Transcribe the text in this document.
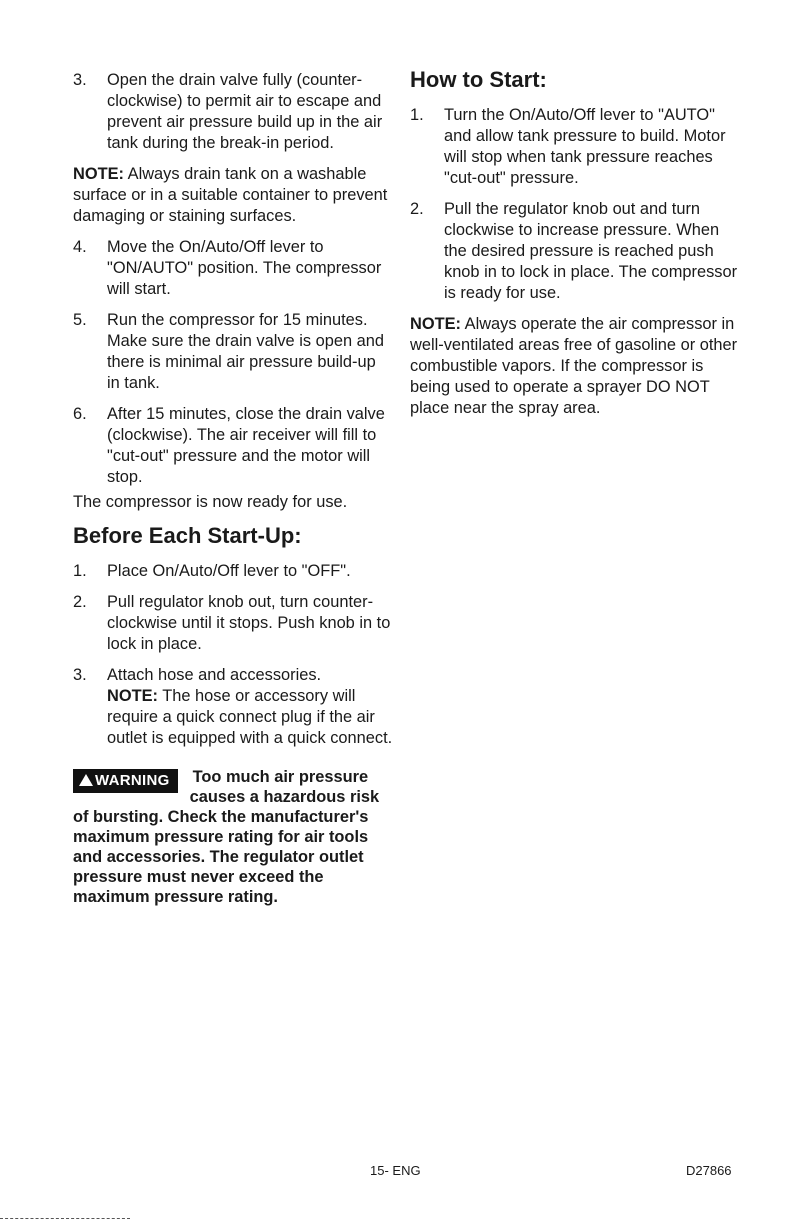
3. Open the drain valve fully (counter-clockwise) to permit air to escape and prevent air pressure build up in the air tank during the break-in period.

NOTE: Always drain tank on a washable surface or in a suitable container to prevent damaging or staining surfaces.

4. Move the On/Auto/Off lever to "ON/AUTO" position. The compressor will start.
5. Run the compressor for 15 minutes. Make sure the drain valve is open and there is minimal air pressure build-up in tank.
6. After 15 minutes, close the drain valve (clockwise). The air receiver will fill to "cut-out" pressure and the motor will stop.

The compressor is now ready for use.

Before Each Start-Up:
1. Place On/Auto/Off lever to "OFF".
2. Pull regulator knob out, turn counter-clockwise until it stops. Push knob in to lock in place.
3. Attach hose and accessories.
NOTE: The hose or accessory will require a quick connect plug if the air outlet is equipped with a quick connect.
WARNING	Too much air pressure causes a hazardous risk of bursting. Check the manufacturer's maximum pressure rating for air tools and accessories. The regulator outlet pressure must never exceed the maximum pressure rating.
How to Start:
1. Turn the On/Auto/Off lever to "AUTO" and allow tank pressure to build. Motor will stop when tank pressure reaches "cut-out" pressure.
2. Pull the regulator knob out and turn clockwise to increase pressure. When the desired pressure is reached push knob in to lock in place. The compressor is ready for use.

NOTE: Always operate the air compressor in well-ventilated areas free of gasoline or other combustible vapors. If the compressor is being used to operate a sprayer DO NOT place near the spray area.

15- ENG	D27866
